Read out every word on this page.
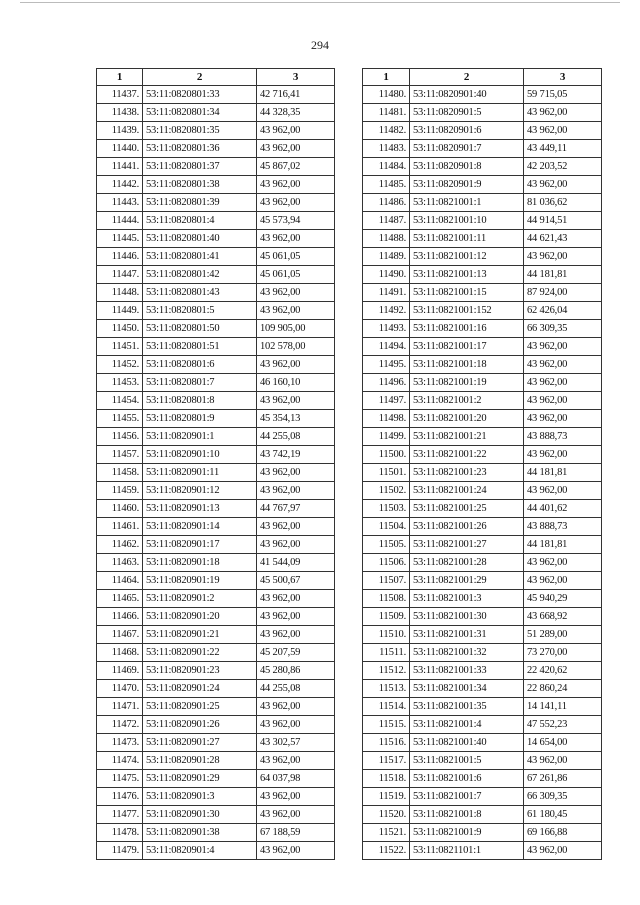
294
1	2	3
11437.	53:11:0820801:33	42 716,41
11438.	53:11:0820801:34	44 328,35
11439.	53:11:0820801:35	43 962,00
11440.	53:11:0820801:36	43 962,00
11441.	53:11:0820801:37	45 867,02
11442.	53:11:0820801:38	43 962,00
11443.	53:11:0820801:39	43 962,00
11444.	53:11:0820801:4	45 573,94
11445.	53:11:0820801:40	43 962,00
11446.	53:11:0820801:41	45 061,05
11447.	53:11:0820801:42	45 061,05
11448.	53:11:0820801:43	43 962,00
11449.	53:11:0820801:5	43 962,00
11450.	53:11:0820801:50	109 905,00
11451.	53:11:0820801:51	102 578,00
11452.	53:11:0820801:6	43 962,00
11453.	53:11:0820801:7	46 160,10
11454.	53:11:0820801:8	43 962,00
11455.	53:11:0820801:9	45 354,13
11456.	53:11:0820901:1	44 255,08
11457.	53:11:0820901:10	43 742,19
11458.	53:11:0820901:11	43 962,00
11459.	53:11:0820901:12	43 962,00
11460.	53:11:0820901:13	44 767,97
11461.	53:11:0820901:14	43 962,00
11462.	53:11:0820901:17	43 962,00
11463.	53:11:0820901:18	41 544,09
11464.	53:11:0820901:19	45 500,67
11465.	53:11:0820901:2	43 962,00
11466.	53:11:0820901:20	43 962,00
11467.	53:11:0820901:21	43 962,00
11468.	53:11:0820901:22	45 207,59
11469.	53:11:0820901:23	45 280,86
11470.	53:11:0820901:24	44 255,08
11471.	53:11:0820901:25	43 962,00
11472.	53:11:0820901:26	43 962,00
11473.	53:11:0820901:27	43 302,57
11474.	53:11:0820901:28	43 962,00
11475.	53:11:0820901:29	64 037,98
11476.	53:11:0820901:3	43 962,00
11477.	53:11:0820901:30	43 962,00
11478.	53:11:0820901:38	67 188,59
11479.	53:11:0820901:4	43 962,00
1	2	3
11480.	53:11:0820901:40	59 715,05
11481.	53:11:0820901:5	43 962,00
11482.	53:11:0820901:6	43 962,00
11483.	53:11:0820901:7	43 449,11
11484.	53:11:0820901:8	42 203,52
11485.	53:11:0820901:9	43 962,00
11486.	53:11:0821001:1	81 036,62
11487.	53:11:0821001:10	44 914,51
11488.	53:11:0821001:11	44 621,43
11489.	53:11:0821001:12	43 962,00
11490.	53:11:0821001:13	44 181,81
11491.	53:11:0821001:15	87 924,00
11492.	53:11:0821001:152	62 426,04
11493.	53:11:0821001:16	66 309,35
11494.	53:11:0821001:17	43 962,00
11495.	53:11:0821001:18	43 962,00
11496.	53:11:0821001:19	43 962,00
11497.	53:11:0821001:2	43 962,00
11498.	53:11:0821001:20	43 962,00
11499.	53:11:0821001:21	43 888,73
11500.	53:11:0821001:22	43 962,00
11501.	53:11:0821001:23	44 181,81
11502.	53:11:0821001:24	43 962,00
11503.	53:11:0821001:25	44 401,62
11504.	53:11:0821001:26	43 888,73
11505.	53:11:0821001:27	44 181,81
11506.	53:11:0821001:28	43 962,00
11507.	53:11:0821001:29	43 962,00
11508.	53:11:0821001:3	45 940,29
11509.	53:11:0821001:30	43 668,92
11510.	53:11:0821001:31	51 289,00
11511.	53:11:0821001:32	73 270,00
11512.	53:11:0821001:33	22 420,62
11513.	53:11:0821001:34	22 860,24
11514.	53:11:0821001:35	14 141,11
11515.	53:11:0821001:4	47 552,23
11516.	53:11:0821001:40	14 654,00
11517.	53:11:0821001:5	43 962,00
11518.	53:11:0821001:6	67 261,86
11519.	53:11:0821001:7	66 309,35
11520.	53:11:0821001:8	61 180,45
11521.	53:11:0821001:9	69 166,88
11522.	53:11:0821101:1	43 962,00
